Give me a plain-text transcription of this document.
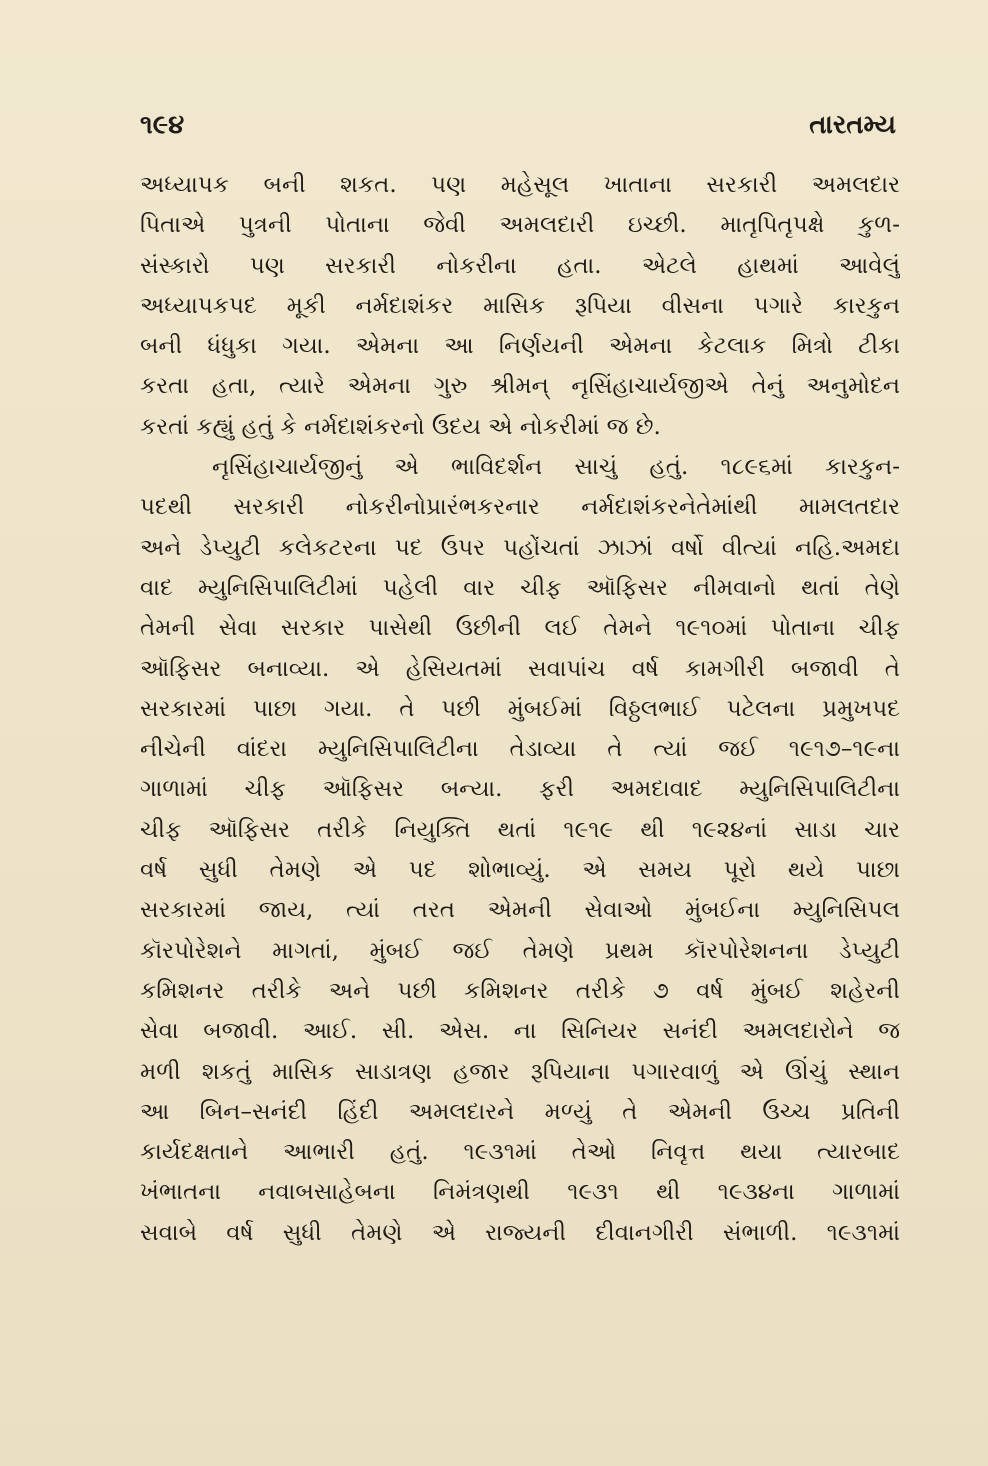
૧૯૪	તારતમ્ય
અધ્યાપક બની શકત. પણ મહેસૂલ ખાતાના સરકારી અમલદાર
પિતાએ પુત્રની પોતાના જેવી અમલદારી ઇચ્છી. માતૃપિતૃપક્ષે કુળ-
સંસ્કારો પણ સરકારી નોકરીના હતા. એટલે હાથમાં આવેલું
અધ્યાપકપદ મૂકી નર્મદાશંકર માસિક રૂપિયા વીસના પગારે કારકુન
બની ધંધુકા ગયા. એમના આ નિર્ણયની એમના કેટલાક મિત્રો ટીકા
કરતા હતા, ત્યારે એમના ગુરુ શ્રીમન્ નૃસિંહાચાર્યજીએ તેનું અનુમોદન
કરતાં કહ્યું હતું કે નર્મદાશંકરનો ઉદય એ નોકરીમાં જ છે.
નૃસિંહાચાર્યજીનું એ ભાવિદર્શન સાચું હતું. ૧૮૯૬માં કારકુન-
પદથી સરકારી નોકરીનોપ્રારંભકરનાર નર્મદાશંકરનેતેમાંથી મામલતદાર
અને ડેપ્યુટી કલેકટરના પદ ઉપર પહોંચતાં ઝાઝાં વર્ષો વીત્યાં નહિ.અમદા
વાદ મ્યુનિસિપાલિટીમાં પહેલી વાર ચીફ ઑફિસર નીમવાનો થતાં તેણે
તેમની સેવા સરકાર પાસેથી ઉછીની લઈ તેમને ૧૯૧૦માં પોતાના ચીફ
ઑફિસર બનાવ્યા. એ હેસિયતમાં સવાપાંચ વર્ષ કામગીરી બજાવી તે
સરકારમાં પાછા ગયા. તે પછી મુંબઈમાં વિઠ્ઠલભાઈ પટેલના પ્રમુખપદ
નીચેની વાંદરા મ્યુનિસિપાલિટીના તેડાવ્યા તે ત્યાં જઈ ૧૯૧૭–૧૯ના
ગાળામાં ચીફ ઑફિસર બન્યા. ફરી અમદાવાદ મ્યુનિસિપાલિટીના
ચીફ ઑફિસર તરીકે નિયુક્તિ થતાં ૧૯૧૯ થી ૧૯૨૪નાં સાડા ચાર
વર્ષ સુધી તેમણે એ પદ શોભાવ્યું. એ સમય પૂરો થયે પાછા
સરકારમાં જાય, ત્યાં તરત એમની સેવાઓ મુંબઈના મ્યુનિસિપલ
કૉરપોરેશને માગતાં, મુંબઈ જઈ તેમણે પ્રથમ કૉરપોરેશનના ડેપ્યુટી
કમિશનર તરીકે અને પછી કમિશનર તરીકે ૭ વર્ષ મુંબઈ શહેરની
સેવા બજાવી. આઈ. સી. એસ. ના સિનિયર સનંદી અમલદારોને જ
મળી શકતું માસિક સાડાત્રણ હજાર રૂપિયાના પગારવાળું એ ઊંચું સ્થાન
આ બિન–સનંદી હિંદી અમલદારને મળ્યું તે એમની ઉચ્ચ પ્રતિની
કાર્યદક્ષતાને આભારી હતું. ૧૯૩૧માં તેઓ નિવૃત્ત થયા ત્યારબાદ
ખંભાતના નવાબસાહેબના નિમંત્રણથી ૧૯૩૧ થી ૧૯૩૪ના ગાળામાં
સવાબે વર્ષ સુધી તેમણે એ રાજ્યની દીવાનગીરી સંભાળી. ૧૯૩૧માં
